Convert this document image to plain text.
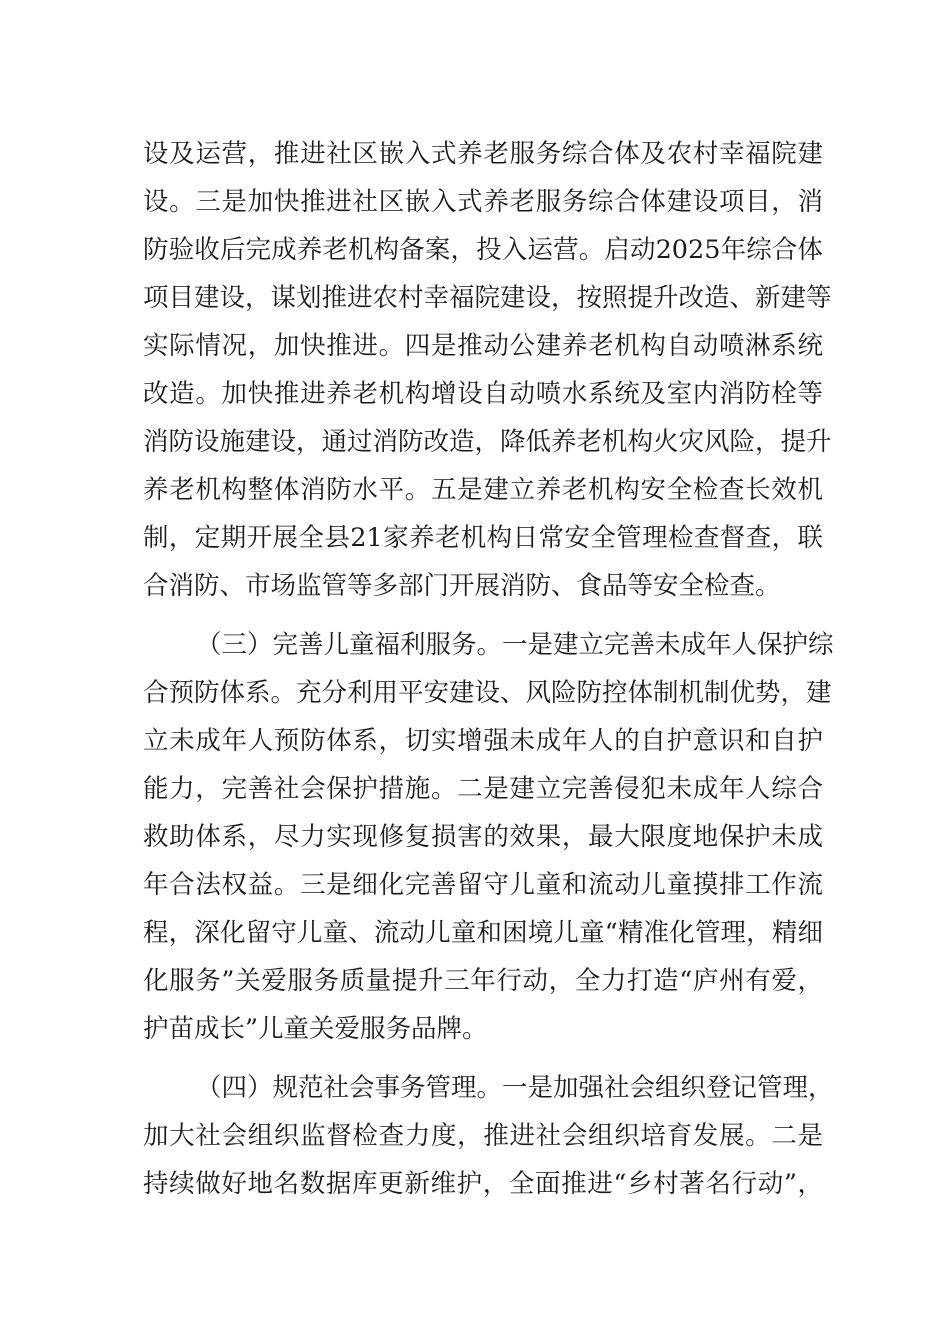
设及运营，推进社区嵌入式养老服务综合体及农村幸福院建
设。三是加快推进社区嵌入式养老服务综合体建设项目，消
防验收后完成养老机构备案，投入运营。启动2025年综合体
项目建设，谋划推进农村幸福院建设，按照提升改造、新建等
实际情况，加快推进。四是推动公建养老机构自动喷淋系统
改造。加快推进养老机构增设自动喷水系统及室内消防栓等
消防设施建设，通过消防改造，降低养老机构火灾风险，提升
养老机构整体消防水平。五是建立养老机构安全检查长效机
制，定期开展全县21家养老机构日常安全管理检查督查，联
合消防、市场监管等多部门开展消防、食品等安全检查。
（三）完善儿童福利服务。一是建立完善未成年人保护综
合预防体系。充分利用平安建设、风险防控体制机制优势，建
立未成年人预防体系，切实增强未成年人的自护意识和自护
能力，完善社会保护措施。二是建立完善侵犯未成年人综合
救助体系，尽力实现修复损害的效果，最大限度地保护未成
年合法权益。三是细化完善留守儿童和流动儿童摸排工作流
程，深化留守儿童、流动儿童和困境儿童“精准化管理，精细
化服务”关爱服务质量提升三年行动，全力打造“庐州有爱，
护苗成长”儿童关爱服务品牌。
（四）规范社会事务管理。一是加强社会组织登记管理，
加大社会组织监督检查力度，推进社会组织培育发展。二是
持续做好地名数据库更新维护，全面推进“乡村著名行动”，
